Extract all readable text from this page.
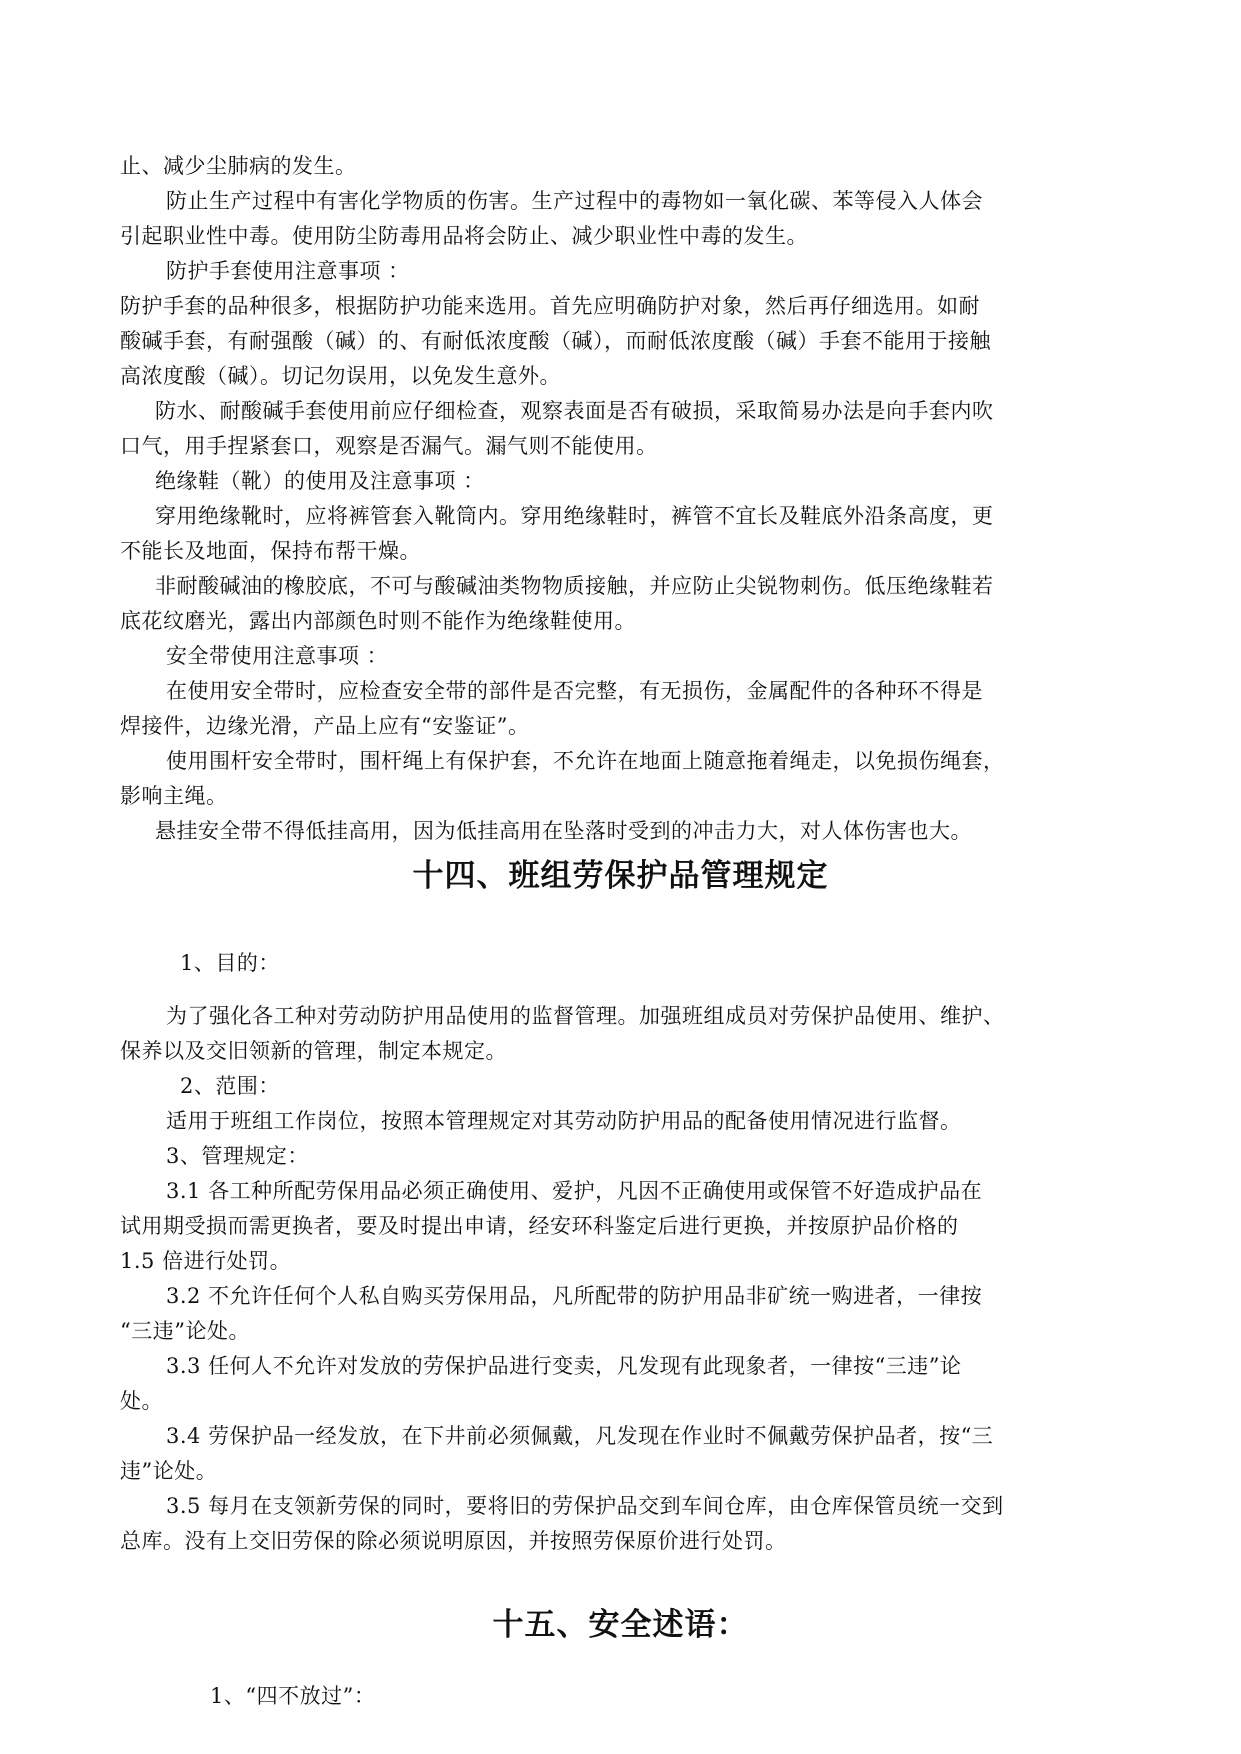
止、减少尘肺病的发生。
防止生产过程中有害化学物质的伤害。生产过程中的毒物如一氧化碳、苯等侵入人体会
引起职业性中毒。使用防尘防毒用品将会防止、减少职业性中毒的发生。
防护手套使用注意事项 ：
防护手套的品种很多，根据防护功能来选用。首先应明确防护对象，然后再仔细选用。如耐
酸碱手套，有耐强酸（碱）的、有耐低浓度酸（碱），而耐低浓度酸（碱）手套不能用于接触
高浓度酸（碱）。切记勿误用，以免发生意外。
防水、耐酸碱手套使用前应仔细检查，观察表面是否有破损，采取简易办法是向手套内吹
口气，用手捏紧套口，观察是否漏气。漏气则不能使用。
绝缘鞋（靴）的使用及注意事项 ：
穿用绝缘靴时，应将裤管套入靴筒内。穿用绝缘鞋时，裤管不宜长及鞋底外沿条高度，更
不能长及地面，保持布帮干燥。
非耐酸碱油的橡胶底，不可与酸碱油类物物质接触，并应防止尖锐物刺伤。低压绝缘鞋若
底花纹磨光，露出内部颜色时则不能作为绝缘鞋使用。
安全带使用注意事项 ：
在使用安全带时，应检查安全带的部件是否完整，有无损伤，金属配件的各种环不得是
焊接件，边缘光滑，产品上应有“安鉴证”。
使用围杆安全带时，围杆绳上有保护套，不允许在地面上随意拖着绳走，以免损伤绳套，
影响主绳。
悬挂安全带不得低挂高用，因为低挂高用在坠落时受到的冲击力大，对人体伤害也大。
十四、班组劳保护品管理规定
1、目的：
为了强化各工种对劳动防护用品使用的监督管理。加强班组成员对劳保护品使用、维护、
保养以及交旧领新的管理，制定本规定。
2、范围：
适用于班组工作岗位，按照本管理规定对其劳动防护用品的配备使用情况进行监督。
3、管理规定：
3.1 各工种所配劳保用品必须正确使用、爱护，凡因不正确使用或保管不好造成护品在
试用期受损而需更换者，要及时提出申请，经安环科鉴定后进行更换，并按原护品价格的
1.5 倍进行处罚。
3.2 不允许任何个人私自购买劳保用品，凡所配带的防护用品非矿统一购进者，一律按
“三违”论处。
3.3 任何人不允许对发放的劳保护品进行变卖，凡发现有此现象者，一律按“三违”论
处。
3.4 劳保护品一经发放，在下井前必须佩戴，凡发现在作业时不佩戴劳保护品者，按“三
违”论处。
3.5 每月在支领新劳保的同时，要将旧的劳保护品交到车间仓库，由仓库保管员统一交到
总库。没有上交旧劳保的除必须说明原因，并按照劳保原价进行处罚。
十五、安全述语：
1、“四不放过”：
